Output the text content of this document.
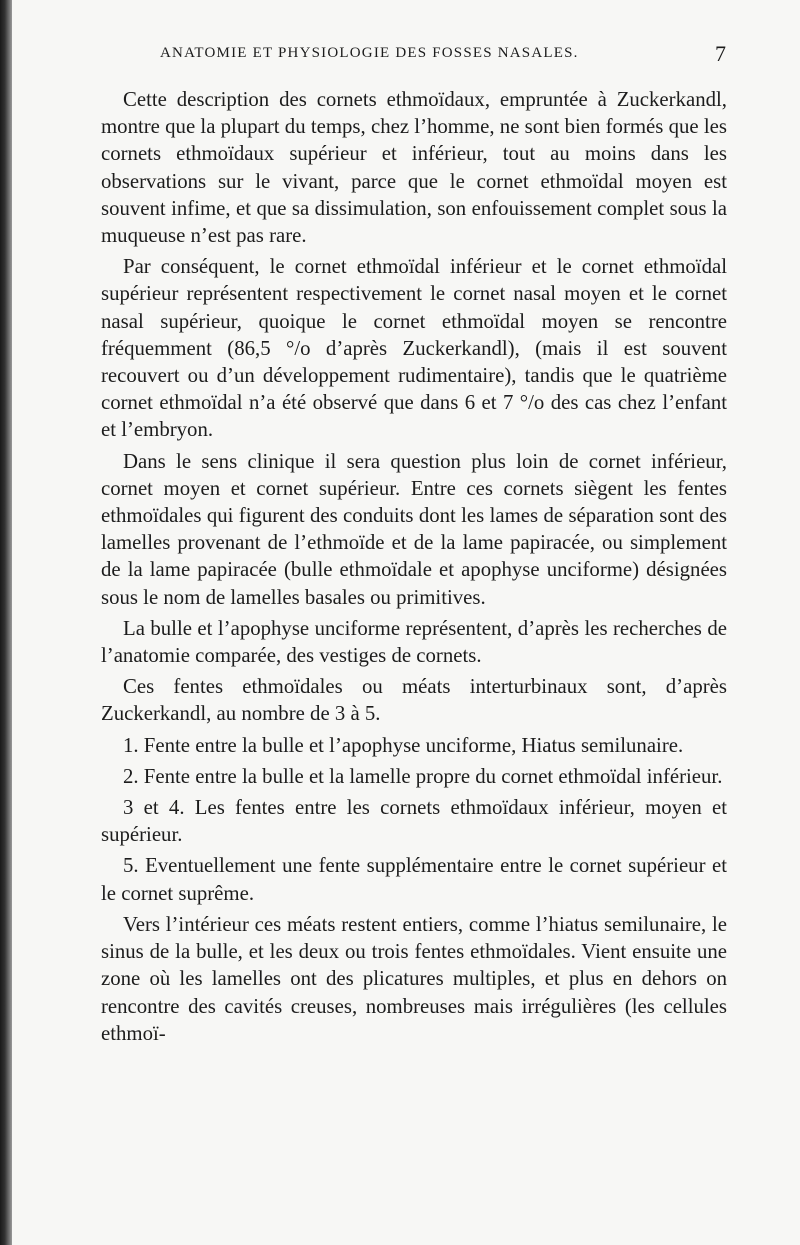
ANATOMIE ET PHYSIOLOGIE DES FOSSES NASALES.	7

Cette description des cornets ethmoïdaux, empruntée à Zuckerkandl, montre que la plupart du temps, chez l’homme, ne sont bien formés que les cornets ethmoïdaux supérieur et inférieur, tout au moins dans les observations sur le vivant, parce que le cornet ethmoïdal moyen est souvent infime, et que sa dissimulation, son enfouissement complet sous la muqueuse n’est pas rare.

Par conséquent, le cornet ethmoïdal inférieur et le cornet ethmoïdal supérieur représentent respectivement le cornet nasal moyen et le cornet nasal supérieur, quoique le cornet ethmoïdal moyen se rencontre fréquemment (86,5 °/o d’après Zuckerkandl), (mais il est souvent recouvert ou d’un développement rudimentaire), tandis que le quatrième cornet ethmoïdal n’a été observé que dans 6 et 7 °/o des cas chez l’enfant et l’embryon.

Dans le sens clinique il sera question plus loin de cornet inférieur, cornet moyen et cornet supérieur. Entre ces cornets siègent les fentes ethmoïdales qui figurent des conduits dont les lames de séparation sont des lamelles provenant de l’ethmoïde et de la lame papiracée, ou simplement de la lame papiracée (bulle ethmoïdale et apophyse unciforme) désignées sous le nom de lamelles basales ou primitives.

La bulle et l’apophyse unciforme représentent, d’après les recherches de l’anatomie comparée, des vestiges de cornets.

Ces fentes ethmoïdales ou méats interturbinaux sont, d’après Zuckerkandl, au nombre de 3 à 5.

1. Fente entre la bulle et l’apophyse unciforme, Hiatus semilunaire.

2. Fente entre la bulle et la lamelle propre du cornet ethmoïdal inférieur.

3 et 4. Les fentes entre les cornets ethmoïdaux inférieur, moyen et supérieur.

5. Eventuellement une fente supplémentaire entre le cornet supérieur et le cornet suprême.

Vers l’intérieur ces méats restent entiers, comme l’hiatus semilunaire, le sinus de la bulle, et les deux ou trois fentes ethmoïdales. Vient ensuite une zone où les lamelles ont des plicatures multiples, et plus en dehors on rencontre des cavités creuses, nombreuses mais irrégulières (les cellules ethmoï-
